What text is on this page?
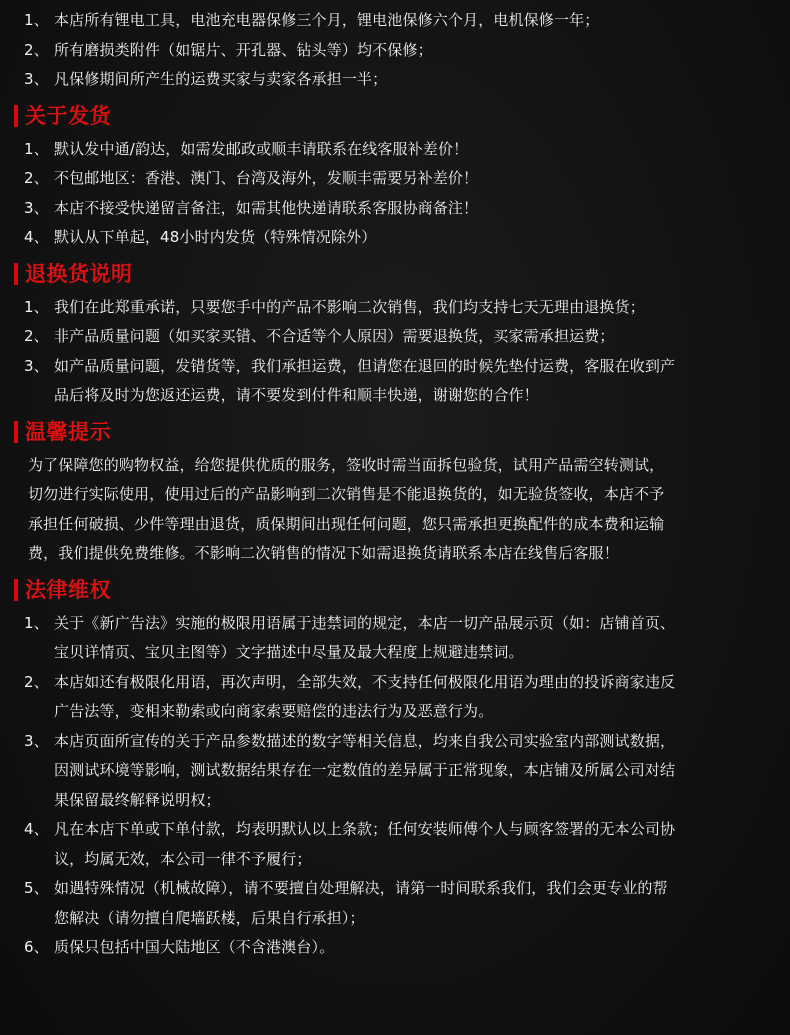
1、 本店所有锂电工具，电池充电器保修三个月，锂电池保修六个月，电机保修一年；
2、 所有磨损类附件（如锯片、开孔器、钻头等）均不保修；
3、 凡保修期间所产生的运费买家与卖家各承担一半；
关于发货
1、 默认发中通/韵达，如需发邮政或顺丰请联系在线客服补差价！
2、 不包邮地区：香港、澳门、台湾及海外，发顺丰需要另补差价！
3、 本店不接受快递留言备注，如需其他快递请联系客服协商备注！
4、 默认从下单起，48小时内发货（特殊情况除外）
退换货说明
1、 我们在此郑重承诺，只要您手中的产品不影响二次销售，我们均支持七天无理由退换货；
2、 非产品质量问题（如买家买错、不合适等个人原因）需要退换货，买家需承担运费；
3、 如产品质量问题，发错货等，我们承担运费，但请您在退回的时候先垫付运费，客服在收到产
品后将及时为您返还运费，请不要发到付件和顺丰快递，谢谢您的合作！
温馨提示

为了保障您的购物权益，给您提供优质的服务，签收时需当面拆包验货，试用产品需空转测试，
切勿进行实际使用，使用过后的产品影响到二次销售是不能退换货的，如无验货签收，本店不予
承担任何破损、少件等理由退货，质保期间出现任何问题，您只需承担更换配件的成本费和运输
费，我们提供免费维修。不影响二次销售的情况下如需退换货请联系本店在线售后客服！

法律维权
1、 关于《新广告法》实施的极限用语属于违禁词的规定，本店一切产品展示页（如：店铺首页、
宝贝详情页、宝贝主图等）文字描述中尽量及最大程度上规避违禁词。
2、 本店如还有极限化用语，再次声明，全部失效，不支持任何极限化用语为理由的投诉商家违反
广告法等，变相来勒索或向商家索要赔偿的违法行为及恶意行为。
3、 本店页面所宣传的关于产品参数描述的数字等相关信息，均来自我公司实验室内部测试数据，
因测试环境等影响，测试数据结果存在一定数值的差异属于正常现象，本店铺及所属公司对结
果保留最终解释说明权；
4、 凡在本店下单或下单付款，均表明默认以上条款；任何安装师傅个人与顾客签署的无本公司协
议，均属无效，本公司一律不予履行；
5、 如遇特殊情况（机械故障），请不要擅自处理解决，请第一时间联系我们，我们会更专业的帮
您解决（请勿擅自爬墙跃楼，后果自行承担）；
6、 质保只包括中国大陆地区（不含港澳台）。
